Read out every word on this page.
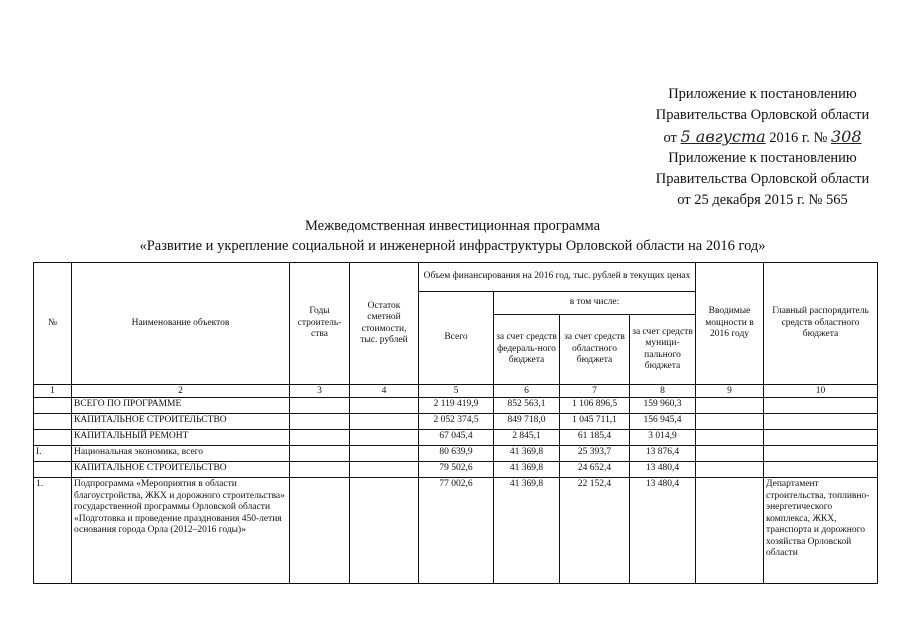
Приложение к постановлению
Правительства Орловской области
от 5 августа 2016 г. № 308
Приложение к постановлению
Правительства Орловской области
от 25 декабря 2015 г. № 565
Межведомственная инвестиционная программа
«Развитие и укрепление социальной и инженерной инфраструктуры Орловской области на 2016 год»
№	Наименование объектов	Годы строитель-ства	Остаток сметной стоимости, тыс. рублей	Объем финансирования на 2016 год, тыс. рублей в текущих ценах				Вводимые мощности в 2016 году	Главный распорядитель средств областного бюджета
				Всего	в том числе:				
					за счет средств федераль-ного бюджета	за счет средств областного бюджета	за счет средств муници-пального бюджета		
1	2	3	4	5	6	7	8	9	10
	ВСЕГО ПО ПРОГРАММЕ			2 119 419,9	852 563,1	1 106 896,5	159 960,3		
	КАПИТАЛЬНОЕ СТРОИТЕЛЬСТВО			2 052 374,5	849 718,0	1 045 711,1	156 945,4		
	КАПИТАЛЬНЫЙ РЕМОНТ			67 045,4	2 845,1	61 185,4	3 014,9		
I.	Национальная экономика, всего			80 639,9	41 369,8	25 393,7	13 876,4		
	КАПИТАЛЬНОЕ СТРОИТЕЛЬСТВО			79 502,6	41 369,8	24 652,4	13 480,4		
1.	Подпрограмма «Мероприятия в области благоустройства, ЖКХ и дорожного строительства» государственной программы Орловской области «Подготовка и проведение празднования 450-летия основания города Орла (2012–2016 годы)»			77 002,6	41 369,8	22 152,4	13 480,4		Департамент строительства, топливно-энергетического комплекса, ЖКХ, транспорта и дорожного хозяйства Орловской области
